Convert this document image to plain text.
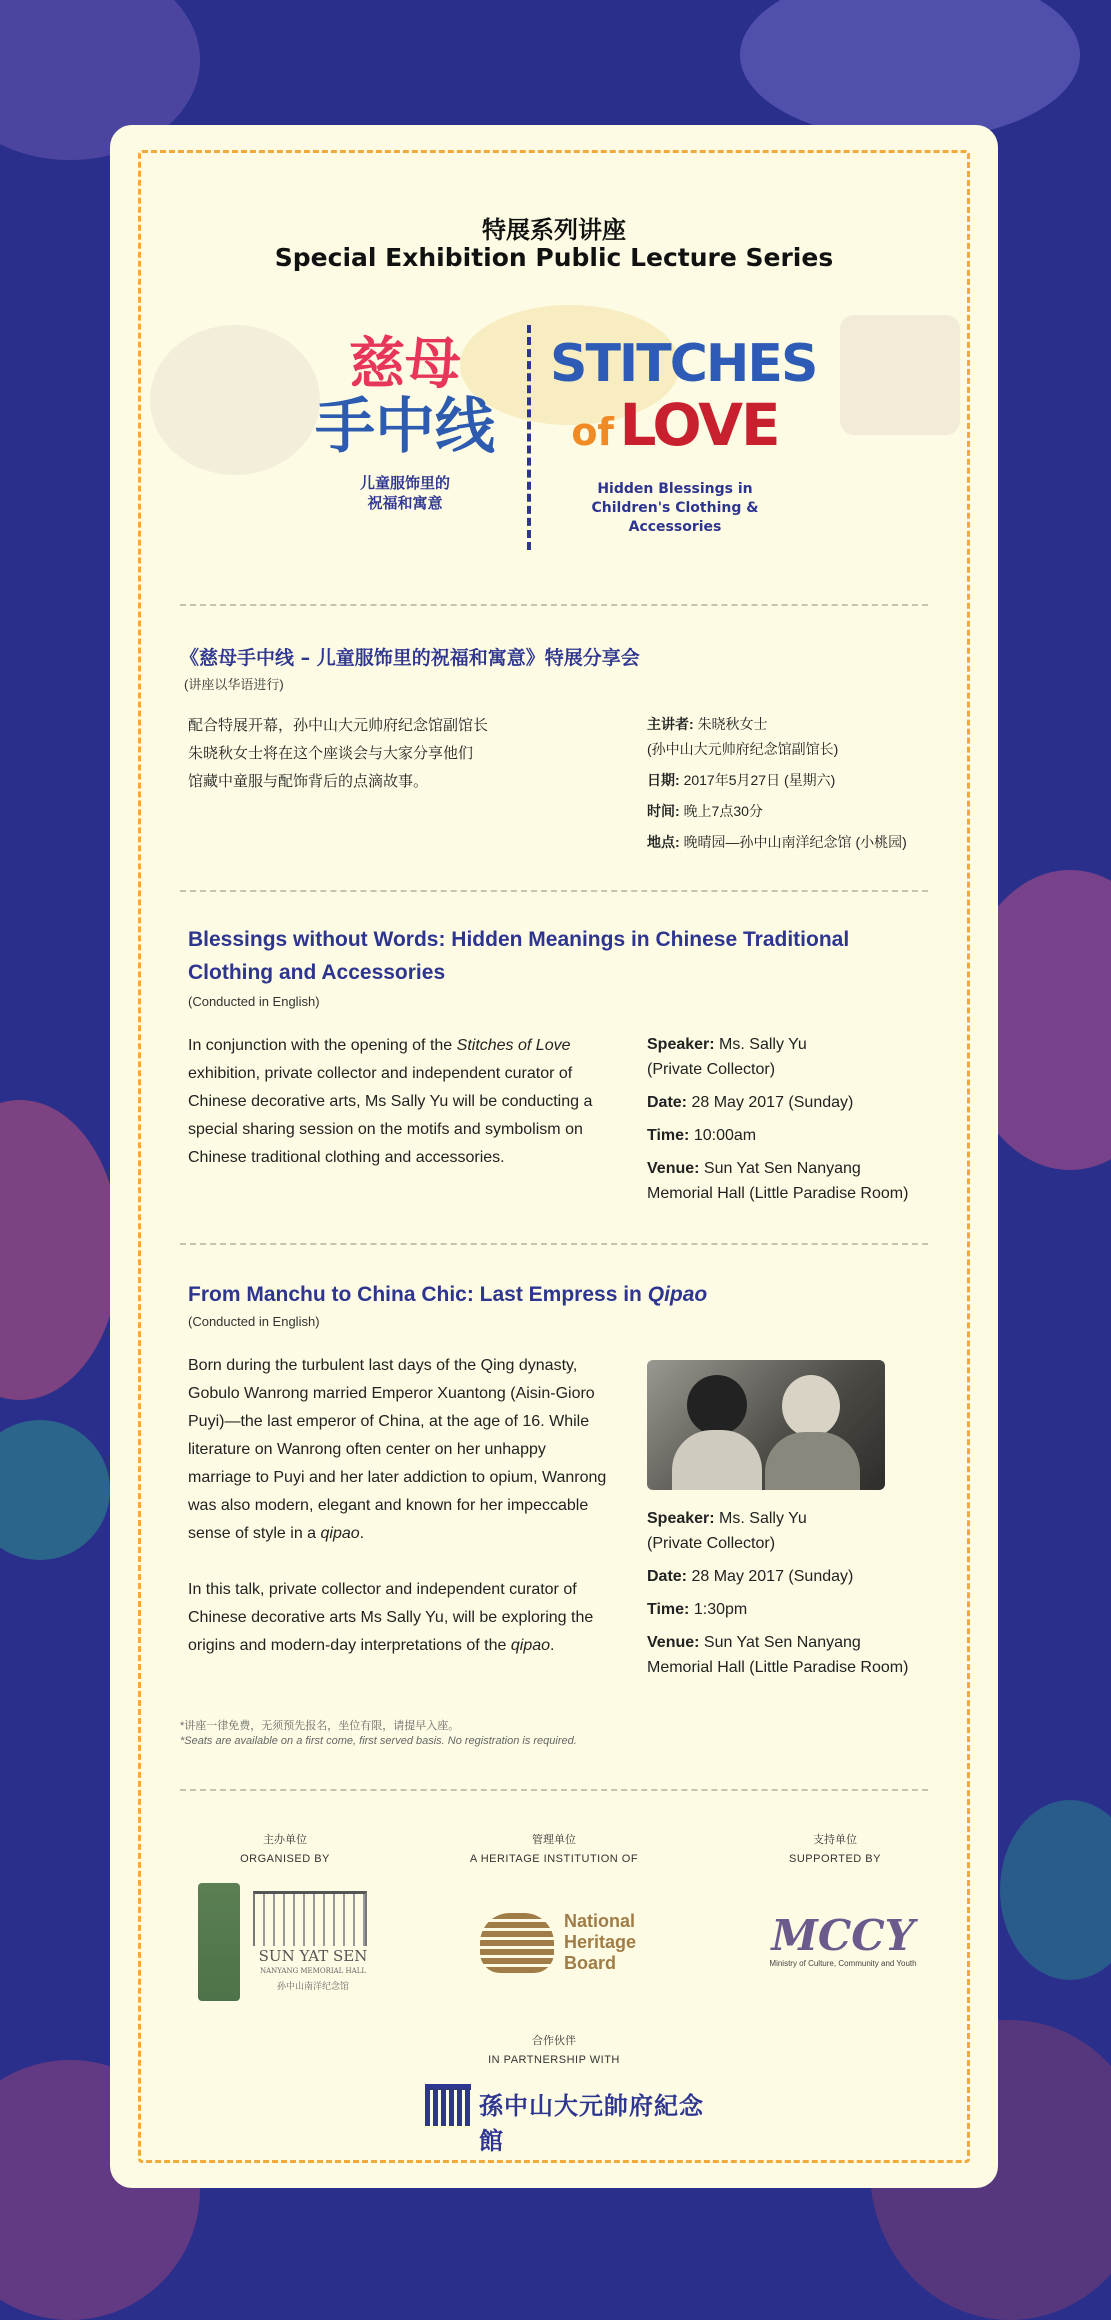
特展系列讲座
Special Exhibition Public Lecture Series
慈母
手中线
儿童服饰里的
祝福和寓意
STITCHES
of LOVE
Hidden Blessings in
Children's Clothing & Accessories
《慈母手中线 – 儿童服饰里的祝福和寓意》特展分享会
(讲座以华语进行)
配合特展开幕，孙中山大元帅府纪念馆副馆长
朱晓秋女士将在这个座谈会与大家分享他们
馆藏中童服与配饰背后的点滴故事。
主讲者: 朱晓秋女士
(孙中山大元帅府纪念馆副馆长)
日期: 2017年5月27日 (星期六)
时间: 晚上7点30分
地点: 晚晴园—孙中山南洋纪念馆 (小桃园)
Blessings without Words: Hidden Meanings in Chinese Traditional Clothing and Accessories
(Conducted in English)
In conjunction with the opening of the Stitches of Love exhibition, private collector and independent curator of Chinese decorative arts, Ms Sally Yu will be conducting a special sharing session on the motifs and symbolism on Chinese traditional clothing and accessories.
Speaker: Ms. Sally Yu
(Private Collector)
Date: 28 May 2017 (Sunday)
Time: 10:00am
Venue: Sun Yat Sen Nanyang
Memorial Hall (Little Paradise Room)
From Manchu to China Chic: Last Empress in Qipao
(Conducted in English)
Born during the turbulent last days of the Qing dynasty, Gobulo Wanrong married Emperor Xuantong (Aisin-Gioro Puyi)—the last emperor of China, at the age of 16. While literature on Wanrong often center on her unhappy marriage to Puyi and her later addiction to opium, Wanrong was also modern, elegant and known for her impeccable sense of style in a qipao.
In this talk, private collector and independent curator of Chinese decorative arts Ms Sally Yu, will be exploring the origins and modern-day interpretations of the qipao.
Speaker: Ms. Sally Yu
(Private Collector)
Date: 28 May 2017 (Sunday)
Time: 1:30pm
Venue: Sun Yat Sen Nanyang
Memorial Hall (Little Paradise Room)
*讲座一律免费，无须预先报名，坐位有限，请提早入座。
*Seats are available on a first come, first served basis. No registration is required.
主办单位
ORGANISED BY
管理单位
A HERITAGE INSTITUTION OF
支持单位
SUPPORTED BY
SUN YAT SEN
NANYANG MEMORIAL HALL
孙中山南洋纪念馆
National
Heritage
Board
MCCY
Ministry of Culture, Community and Youth
合作伙伴
IN PARTNERSHIP WITH
孫中山大元帥府紀念館
